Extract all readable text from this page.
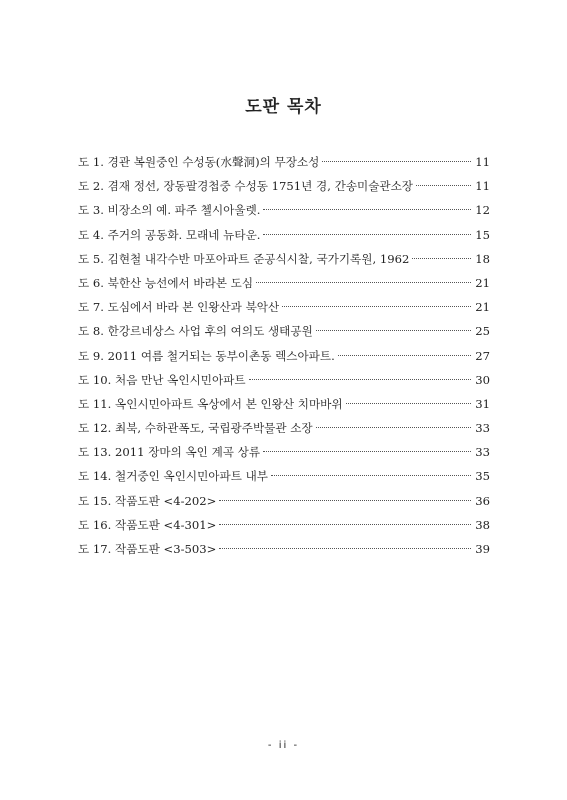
도판 목차
도 1. 경관 복원중인 수성동(水聲洞)의 무장소성	11
도 2. 겸재 정선, 장동팔경첩중 수성동 1751년 경, 간송미술관소장	11
도 3. 비장소의 예. 파주 첼시아울렛.	12
도 4. 주거의 공동화. 모래네 뉴타운.	15
도 5. 김현철 내각수반 마포아파트 준공식시찰, 국가기록원, 1962	18
도 6. 북한산 능선에서 바라본 도심	21
도 7. 도심에서 바라 본 인왕산과 북악산	21
도 8. 한강르네상스 사업 후의 여의도 생태공원	25
도 9. 2011 여름 철거되는 동부이촌동 렉스아파트.	27
도 10. 처음 만난 옥인시민아파트	30
도 11. 옥인시민아파트 옥상에서 본 인왕산 치마바위	31
도 12. 최북, 수하관폭도, 국립광주박물관 소장	33
도 13. 2011 장마의 옥인 계곡 상류	33
도 14. 철거중인 옥인시민아파트 내부	35
도 15. 작품도판 <4-202>	36
도 16. 작품도판 <4-301>	38
도 17. 작품도판 <3-503>	39
- ii -
